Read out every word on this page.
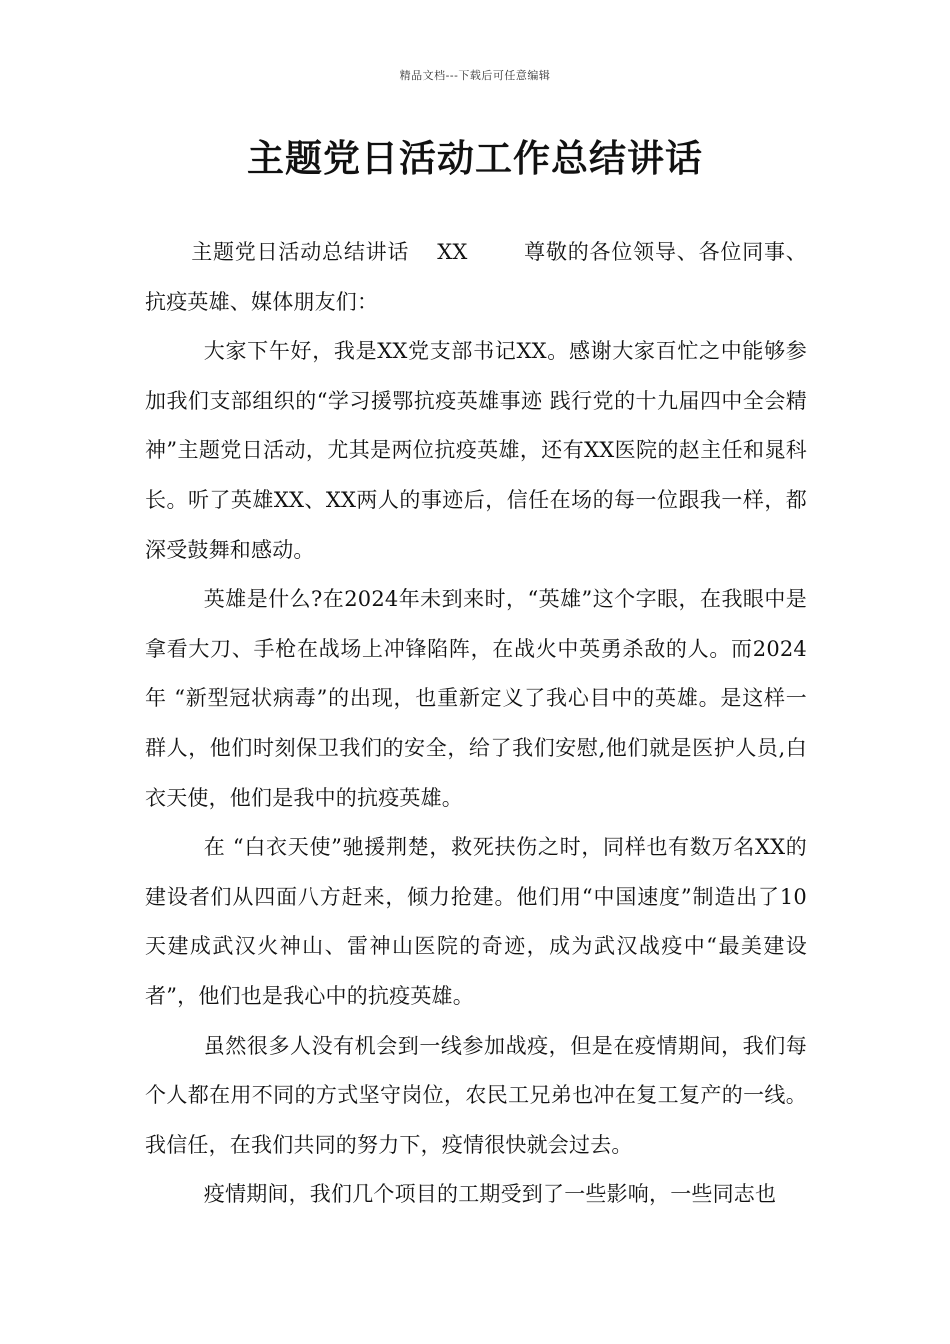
精品文档---下载后可任意编辑
主题党日活动工作总结讲话

主题党日活动总结讲话 XX	尊敬的各位领导、各位同事、抗疫英雄、媒体朋友们：

大家下午好，我是XX党支部书记XX。感谢大家百忙之中能够参加我们支部组织的“学习援鄂抗疫英雄事迹 践行党的十九届四中全会精神”主题党日活动，尤其是两位抗疫英雄，还有XX医院的赵主任和晁科长。听了英雄XX、XX两人的事迹后，信任在场的每一位跟我一样，都深受鼓舞和感动。

英雄是什么?在2024年未到来时，“英雄”这个字眼，在我眼中是拿看大刀、手枪在战场上冲锋陷阵，在战火中英勇杀敌的人。而2024年 “新型冠状病毒”的出现，也重新定义了我心目中的英雄。是这样一群人，他们时刻保卫我们的安全，给了我们安慰,他们就是医护人员,白衣天使，他们是我中的抗疫英雄。

在 “白衣天使”驰援荆楚，救死扶伤之时，同样也有数万名XX的建设者们从四面八方赶来，倾力抢建。他们用“中国速度”制造出了10天建成武汉火神山、雷神山医院的奇迹，成为武汉战疫中“最美建设者”，他们也是我心中的抗疫英雄。

虽然很多人没有机会到一线参加战疫，但是在疫情期间，我们每个人都在用不同的方式坚守岗位，农民工兄弟也冲在复工复产的一线。我信任，在我们共同的努力下，疫情很快就会过去。

疫情期间，我们几个项目的工期受到了一些影响，一些同志也
